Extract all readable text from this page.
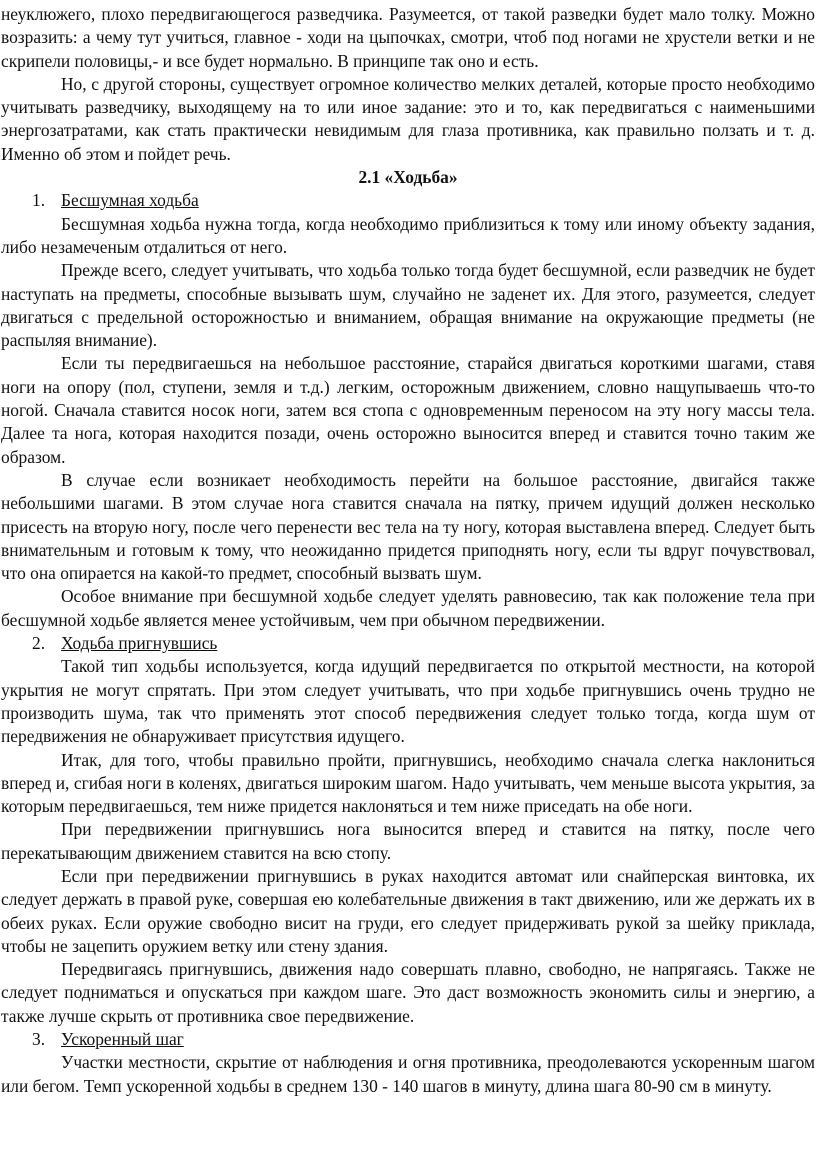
неуклюжего, плохо передвигающегося разведчика. Разумеется, от такой разведки будет мало толку. Можно возразить: а чему тут учиться, главное - ходи на цыпочках, смотри, чтоб под ногами не хрустели ветки и не скрипели половицы,- и все будет нормально. В принципе так оно и есть.

Но, с другой стороны, существует огромное количество мелких деталей, которые просто необходимо учитывать разведчику, выходящему на то или иное задание: это и то, как передвигаться с наименьшими энергозатратами, как стать практически невидимым для глаза противника, как правильно ползать и т. д. Именно об этом и пойдет речь.

2.1 «Ходьба»
1. Бесшумная ходьба

Бесшумная ходьба нужна тогда, когда необходимо приблизиться к тому или иному объекту задания, либо незамеченым отдалиться от него.

Прежде всего, следует учитывать, что ходьба только тогда будет бесшумной, если разведчик не будет наступать на предметы, способные вызывать шум, случайно не заденет их. Для этого, разумеется, следует двигаться с предельной осторожностью и вниманием, обращая внимание на окружающие предметы (не распыляя внимание).

Если ты передвигаешься на небольшое расстояние, старайся двигаться короткими шагами, ставя ноги на опору (пол, ступени, земля и т.д.) легким, осторожным движением, словно нащупываешь что-то ногой. Сначала ставится носок ноги, затем вся стопа с одновременным переносом на эту ногу массы тела. Далее та нога, которая находится позади, очень осторожно выносится вперед и ставится точно таким же образом.

В случае если возникает необходимость перейти на большое расстояние, двигайся также небольшими шагами. В этом случае нога ставится сначала на пятку, причем идущий должен несколько присесть на вторую ногу, после чего перенести вес тела на ту ногу, которая выставлена вперед. Следует быть внимательным и готовым к тому, что неожиданно придется приподнять ногу, если ты вдруг почувствовал, что она опирается на какой-то предмет, способный вызвать шум.

Особое внимание при бесшумной ходьбе следует уделять равновесию, так как положение тела при бесшумной ходьбе является менее устойчивым, чем при обычном передвижении.

2. Ходьба пригнувшись

Такой тип ходьбы используется, когда идущий передвигается по открытой местности, на которой укрытия не могут спрятать. При этом следует учитывать, что при ходьбе пригнувшись очень трудно не производить шума, так что применять этот способ передвижения следует только тогда, когда шум от передвижения не обнаруживает присутствия идущего.

Итак, для того, чтобы правильно пройти, пригнувшись, необходимо сначала слегка наклониться вперед и, сгибая ноги в коленях, двигаться широким шагом. Надо учитывать, чем меньше высота укрытия, за которым передвигаешься, тем ниже придется наклоняться и тем ниже приседать на обе ноги.

При передвижении пригнувшись нога выносится вперед и ставится на пятку, после чего перекатывающим движением ставится на всю стопу.

Если при передвижении пригнувшись в руках находится автомат или снайперская винтовка, их следует держать в правой руке, совершая ею колебательные движения в такт движению, или же держать их в обеих руках. Если оружие свободно висит на груди, его следует придерживать рукой за шейку приклада, чтобы не зацепить оружием ветку или стену здания.

Передвигаясь пригнувшись, движения надо совершать плавно, свободно, не напрягаясь. Также не следует подниматься и опускаться при каждом шаге. Это даст возможность экономить силы и энергию, а также лучше скрыть от противника свое передвижение.

3. Ускоренный шаг

Участки местности, скрытие от наблюдения и огня противника, преодолеваются ускоренным шагом или бегом. Темп ускоренной ходьбы в среднем 130 - 140 шагов в минуту, длина шага 80-90 см в минуту.
